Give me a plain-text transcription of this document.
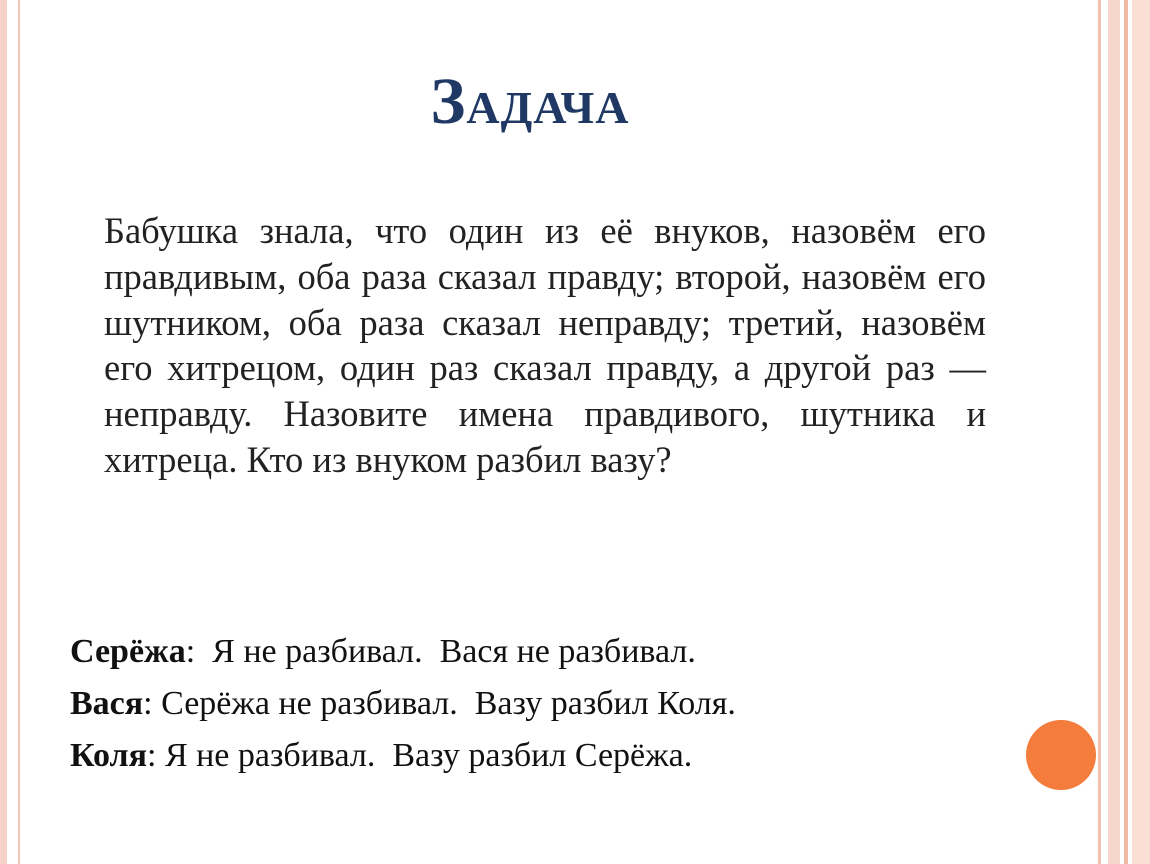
Задача

Бабушка знала, что один из её внуков, назовём его правдивым, оба раза сказал правду; второй, назовём его шутником, оба раза сказал неправду; третий, назовём его хитрецом, один раз сказал правду, а другой раз — неправду. Назовите имена правдивого, шутника и хитреца. Кто из внуком разбил вазу?

Серёжа:  Я не разбивал.  Вася не разбивал.
Вася: Серёжа не разбивал.  Вазу разбил Коля.
Коля: Я не разбивал.  Вазу разбил Серёжа.
